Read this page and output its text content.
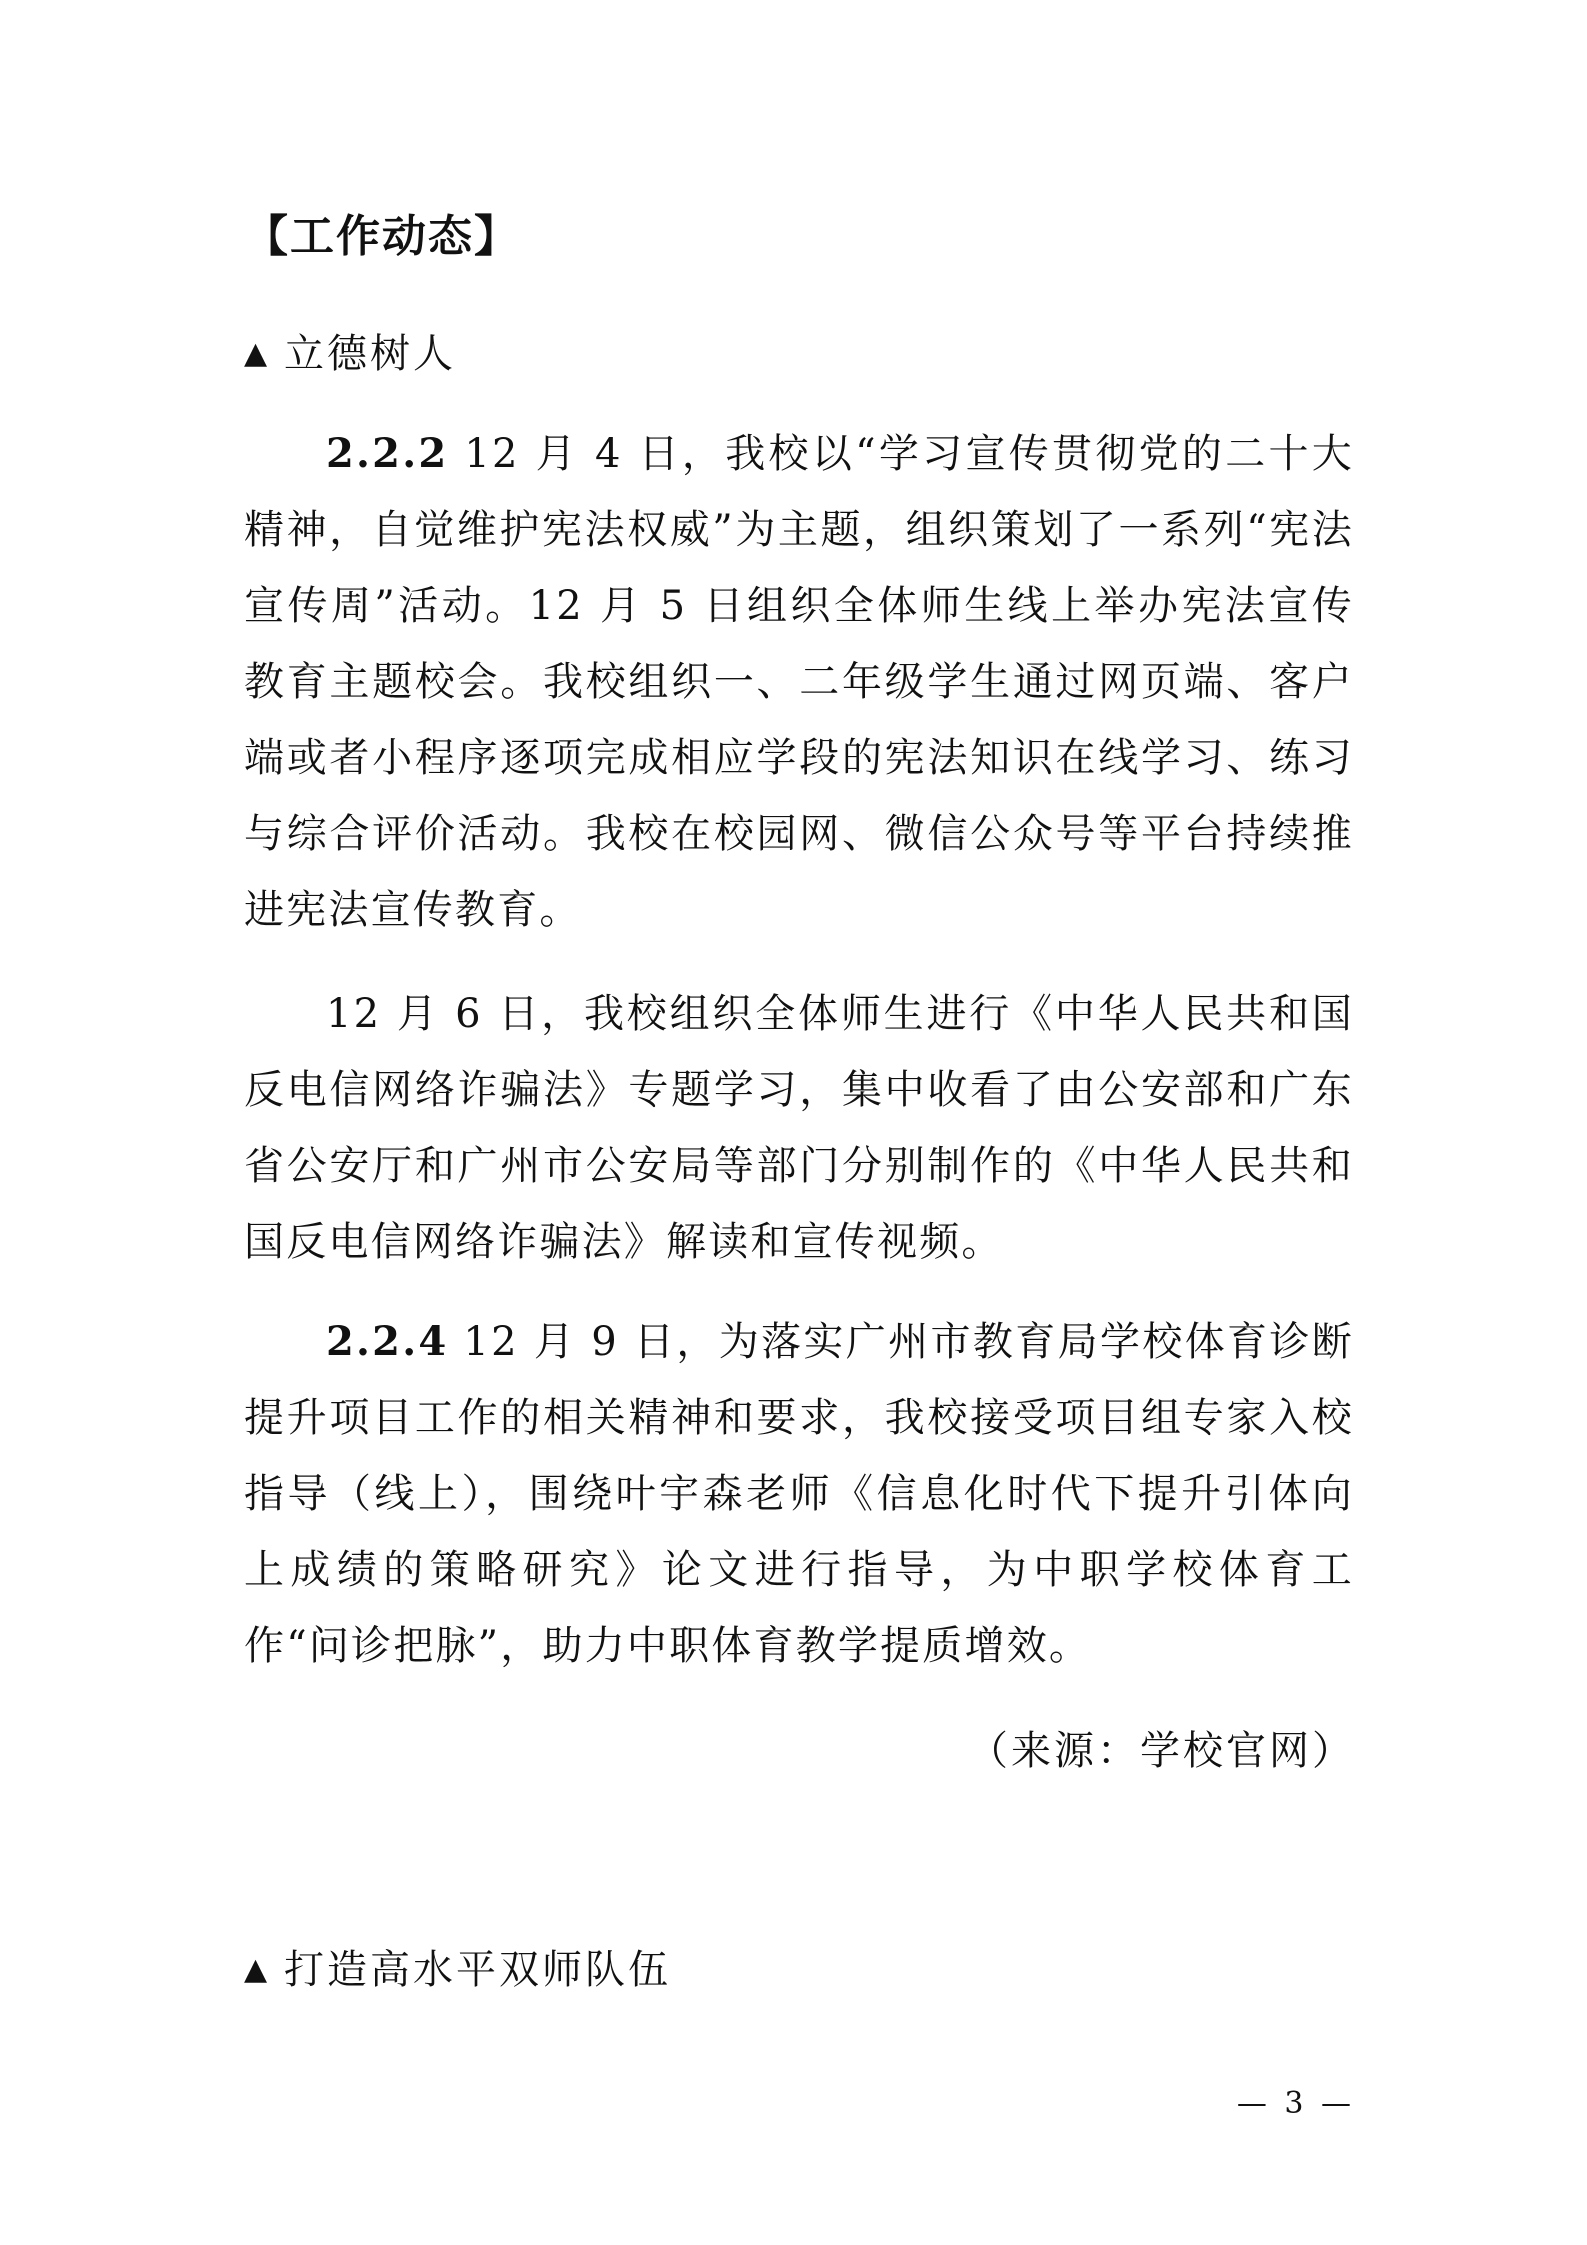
【工作动态】

▲ 立德树人

2.2.2 12 月 4 日，我校以“学习宣传贯彻党的二十大精神，自觉维护宪法权威”为主题，组织策划了一系列“宪法宣传周”活动。12 月 5 日组织全体师生线上举办宪法宣传教育主题校会。我校组织一、二年级学生通过网页端、客户端或者小程序逐项完成相应学段的宪法知识在线学习、练习与综合评价活动。我校在校园网、微信公众号等平台持续推进宪法宣传教育。

12 月 6 日，我校组织全体师生进行《中华人民共和国反电信网络诈骗法》专题学习，集中收看了由公安部和广东省公安厅和广州市公安局等部门分别制作的《中华人民共和国反电信网络诈骗法》解读和宣传视频。

2.2.4 12 月 9 日，为落实广州市教育局学校体育诊断提升项目工作的相关精神和要求，我校接受项目组专家入校指导（线上），围绕叶宇森老师《信息化时代下提升引体向上成绩的策略研究》论文进行指导，为中职学校体育工作“问诊把脉”，助力中职体育教学提质增效。

（来源：学校官网）

▲ 打造高水平双师队伍

— 3 —
